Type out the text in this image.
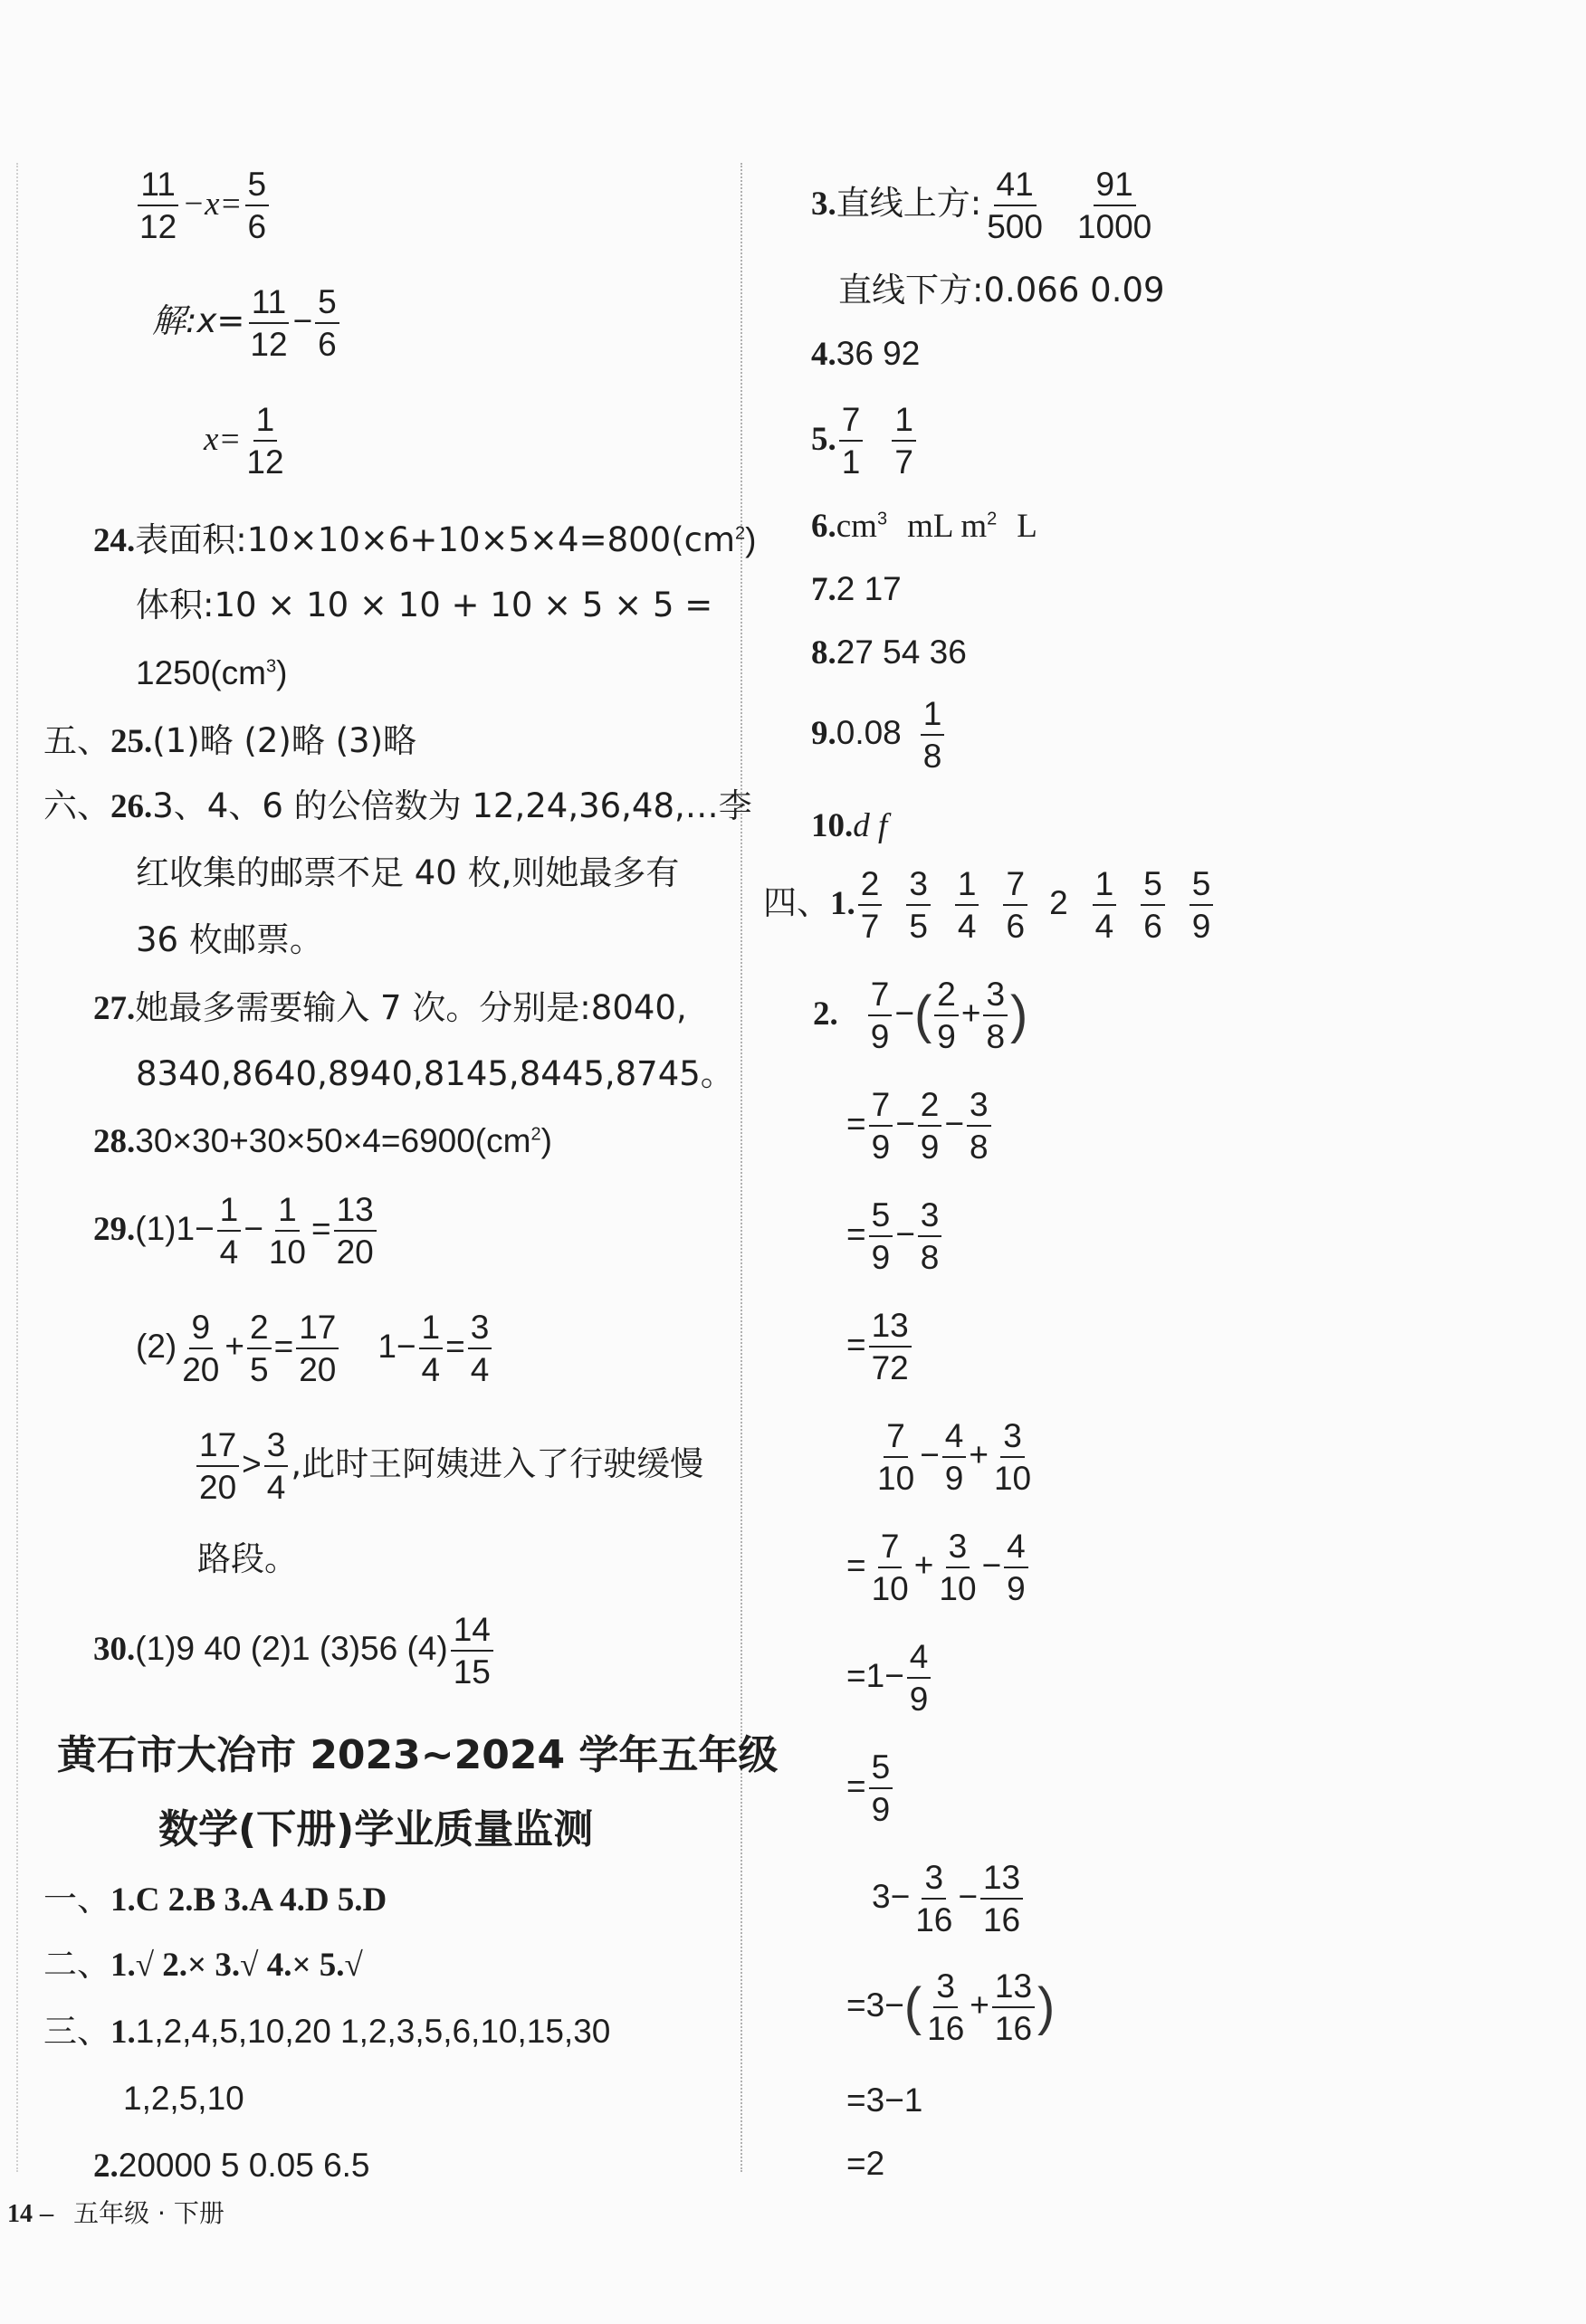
$\frac{11}{12} -x= \frac{5}{6}$
解:x= $\frac{11}{12} - \frac{5}{6}$
$x= \frac{1}{12}$
24.表面积$:10\times 10\times 6+10\times 5\times 4=800(cm^2)$
体积:10 × 10 × 10 + 10 × 5 × 5 =
$1250(cm^3)$
五、25.(1)略 (2)略 (3)略
六、26.3、4、6 的公倍数为 12,24,36,48,…李
红收集的邮票不足 40 枚,则她最多有
36 枚邮票。
27.她最多需要输入 7 次。分别是:8040,
8340,8640,8940,8145,8445,8745。
$28.30\times 30+30\times 50\times 4=6900(cm^2)$
$29.(1)1- \frac{1}{4} - \frac{1}{10} = \frac{13}{20}$
$(2) \frac{9}{20} + \frac{2}{5} = \frac{17}{20} 1- \frac{1}{4} = \frac{3}{4}$
$\frac{17}{20} > \frac{3}{4}$ ,此时王阿姨进入了行驶缓慢
路段。
30.(1)9 40 (2)1 (3)56 $(4) \frac{14}{15}$
黄石市大冶市 2023~2024 学年五年级
数学(下册)学业质量监测
一、1.C 2.B 3.A 4.D 5.D
二、1.√ 2.× 3.√ 4.× 5.√
三、1.1,2,4,5,10,20 1,2,3,5,6,10,15,30
1,2,5,10
2.20000 5 0.05 6.5
3.直线上方: $\frac{41}{500} \frac{91}{1000}$
直线下方:0.066 0.09
4.36 92
5. $\frac{7}{1} \frac{1}{7}$
$6.cm^3$ mL $m^2$ L
7.2 17
8.27 54 36
$9.0.08 \frac{1}{8}$
10.d f
四、1. $\frac{2}{7} \frac{3}{5} \frac{1}{4} \frac{7}{6} 2 \frac{1}{4} \frac{5}{6} \frac{5}{9}$
2. $\frac{7}{9}$ −( $\frac{2}{9} + \frac{3}{8}$ )
= $\frac{7}{9} - \frac{2}{9} - \frac{3}{8}$
= $\frac{5}{9} - \frac{3}{8}$
= $\frac{13}{72}$
$\frac{7}{10} - \frac{4}{9} + \frac{3}{10}$
= $\frac{7}{10} + \frac{3}{10} - \frac{4}{9}$
$=1- \frac{4}{9}$
= $\frac{5}{9}$
$3- \frac{3}{16} - \frac{13}{16}$
$=3-( \frac{3}{16} + \frac{13}{16}$ )
=3−1
=2
14 – 五年级 · 下册
